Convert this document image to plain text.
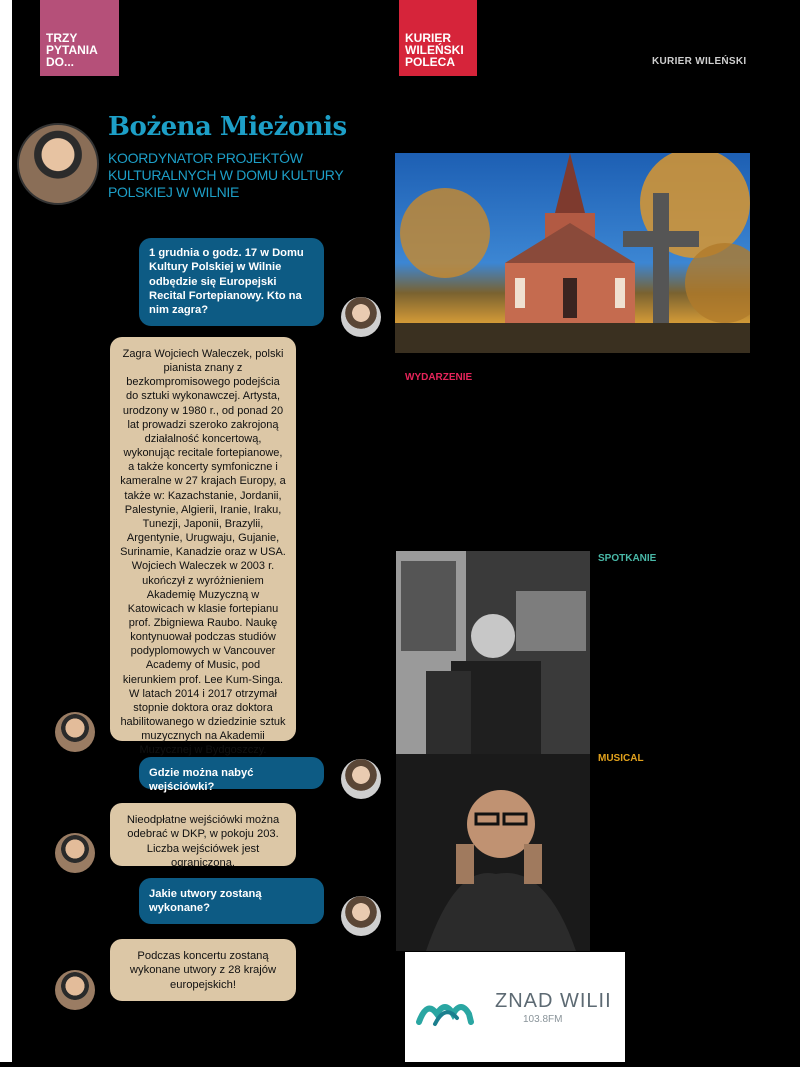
TRZY PYTANIA DO...
KURIER WILEŃSKI POLECA	KURIER WILEŃSKI
Bożena Mieżonis
KOORDYNATOR PROJEKTÓW KULTURALNYCH W DOMU KULTURY POLSKIEJ W WILNIE
1 grudnia o godz. 17 w Domu Kultury Polskiej w Wilnie odbędzie się Europejski Recital Fortepianowy. Kto na nim zagra?
Zagra Wojciech Waleczek, polski pianista znany z bezkompromisowego podejścia do sztuki wykonawczej. Artysta, urodzony w 1980 r., od ponad 20 lat prowadzi szeroko zakrojoną działalność koncertową, wykonując recitale fortepianowe, a także koncerty symfoniczne i kameralne w 27 krajach Europy, a także w: Kazachstanie, Jordanii, Palestynie, Algierii, Iranie, Iraku, Tunezji, Japonii, Brazylii, Argentynie, Urugwaju, Gujanie, Surinamie, Kanadzie oraz w USA. Wojciech Waleczek w 2003 r. ukończył z wyróżnieniem Akademię Muzyczną w Katowicach w klasie fortepianu prof. Zbigniewa Raubo. Naukę kontynuował podczas studiów podyplomowych w Vancouver Academy of Music, pod kierunkiem prof. Lee Kum-Singa. W latach 2014 i 2017 otrzymał stopnie doktora oraz doktora habilitowanego w dziedzinie sztuk muzycznych na Akademii Muzycznej w Bydgoszczy.
Gdzie można nabyć wejściówki?
Nieodpłatne wejściówki można odebrać w DKP, w pokoju 203. Liczba wejściówek jest ograniczona.
Jakie utwory zostaną wykonane?
Podczas koncertu zostaną wykonane utwory z 28 krajów europejskich!
WYDARZENIE
SPOTKANIE
MUSICAL
ZNAD WILII
103.8FM
